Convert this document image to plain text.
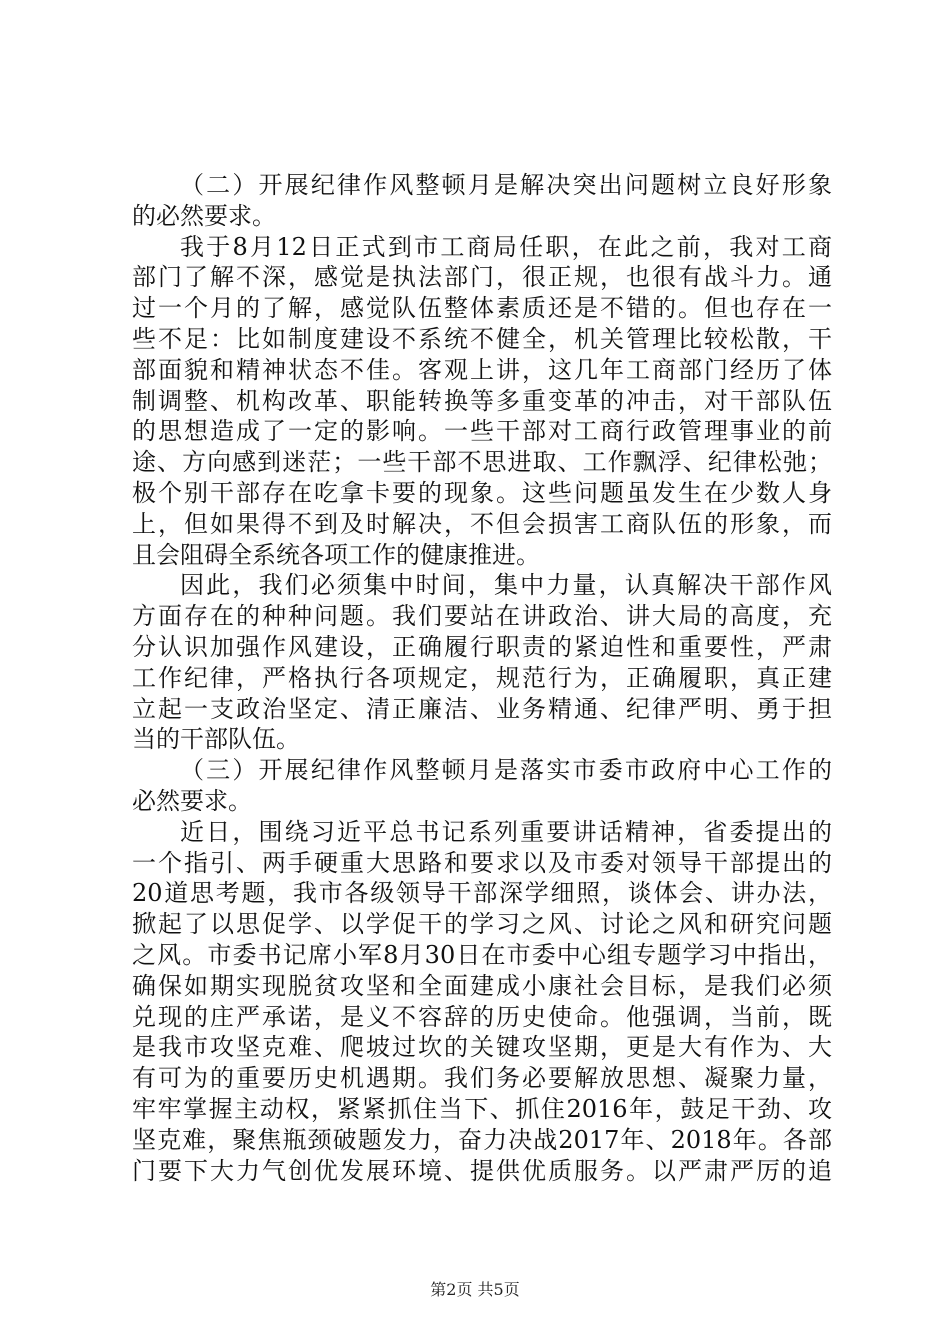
（二）开展纪律作风整顿月是解决突出问题树立良好形象
的必然要求。
我于8月12日正式到市工商局任职，在此之前，我对工商
部门了解不深，感觉是执法部门，很正规，也很有战斗力。通
过一个月的了解，感觉队伍整体素质还是不错的。但也存在一
些不足：比如制度建设不系统不健全，机关管理比较松散，干
部面貌和精神状态不佳。客观上讲，这几年工商部门经历了体
制调整、机构改革、职能转换等多重变革的冲击，对干部队伍
的思想造成了一定的影响。一些干部对工商行政管理事业的前
途、方向感到迷茫；一些干部不思进取、工作飘浮、纪律松弛；
极个别干部存在吃拿卡要的现象。这些问题虽发生在少数人身
上，但如果得不到及时解决，不但会损害工商队伍的形象，而
且会阻碍全系统各项工作的健康推进。
因此，我们必须集中时间，集中力量，认真解决干部作风
方面存在的种种问题。我们要站在讲政治、讲大局的高度，充
分认识加强作风建设，正确履行职责的紧迫性和重要性，严肃
工作纪律，严格执行各项规定，规范行为，正确履职，真正建
立起一支政治坚定、清正廉洁、业务精通、纪律严明、勇于担
当的干部队伍。
（三）开展纪律作风整顿月是落实市委市政府中心工作的
必然要求。
近日，围绕习近平总书记系列重要讲话精神，省委提出的
一个指引、两手硬重大思路和要求以及市委对领导干部提出的
20道思考题，我市各级领导干部深学细照，谈体会、讲办法，
掀起了以思促学、以学促干的学习之风、讨论之风和研究问题
之风。市委书记席小军8月30日在市委中心组专题学习中指出，
确保如期实现脱贫攻坚和全面建成小康社会目标，是我们必须
兑现的庄严承诺，是义不容辞的历史使命。他强调，当前，既
是我市攻坚克难、爬坡过坎的关键攻坚期，更是大有作为、大
有可为的重要历史机遇期。我们务必要解放思想、凝聚力量，
牢牢掌握主动权，紧紧抓住当下、抓住2016年，鼓足干劲、攻
坚克难，聚焦瓶颈破题发力，奋力决战2017年、2018年。各部
门要下大力气创优发展环境、提供优质服务。以严肃严厉的追
第2页 共5页
